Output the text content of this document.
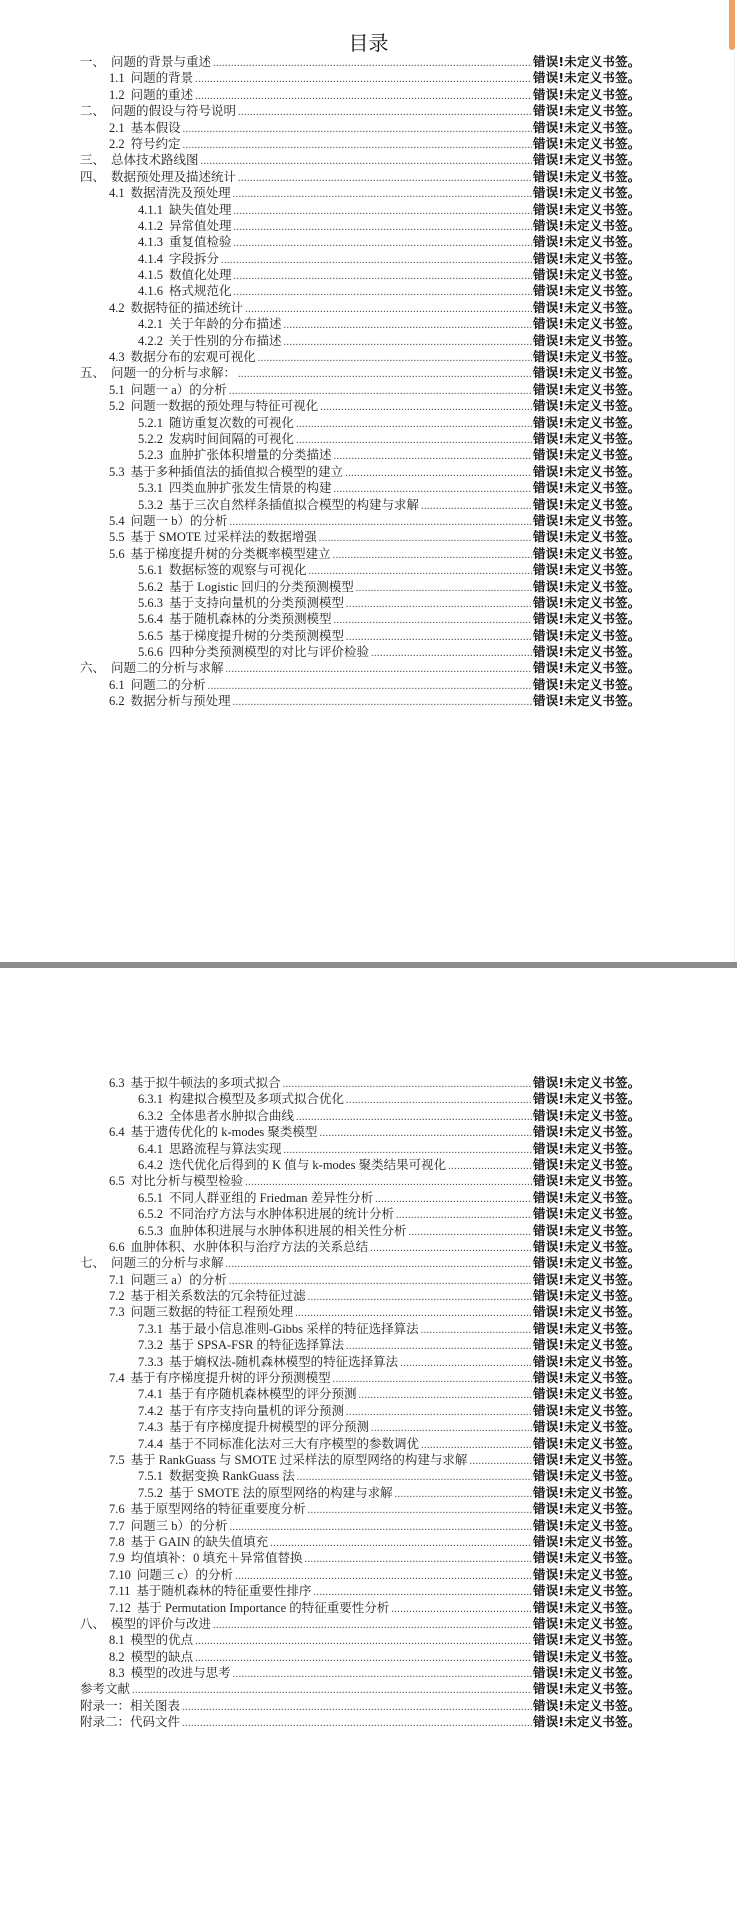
目录
一、 问题的背景与重述 .....	错误!未定义书签。
1.1 问题的背景 .....	错误!未定义书签。
1.2 问题的重述 .....	错误!未定义书签。
二、 问题的假设与符号说明 .....	错误!未定义书签。
2.1 基本假设 .....	错误!未定义书签。
2.2 符号约定 .....	错误!未定义书签。
三、 总体技术路线图 .....	错误!未定义书签。
四、 数据预处理及描述统计 .....	错误!未定义书签。
4.1 数据清洗及预处理 .....	错误!未定义书签。
4.1.1 缺失值处理 .....	错误!未定义书签。
4.1.2 异常值处理 .....	错误!未定义书签。
4.1.3 重复值检验 .....	错误!未定义书签。
4.1.4 字段拆分 .....	错误!未定义书签。
4.1.5 数值化处理 .....	错误!未定义书签。
4.1.6 格式规范化 .....	错误!未定义书签。
4.2 数据特征的描述统计 .....	错误!未定义书签。
4.2.1 关于年龄的分布描述 .....	错误!未定义书签。
4.2.2 关于性别的分布描述 .....	错误!未定义书签。
4.3 数据分布的宏观可视化 .....	错误!未定义书签。
五、 问题一的分析与求解： .....	错误!未定义书签。
5.1 问题一 a）的分析 .....	错误!未定义书签。
5.2 问题一数据的预处理与特征可视化 .....	错误!未定义书签。
5.2.1 随访重复次数的可视化 .....	错误!未定义书签。
5.2.2 发病时间间隔的可视化 .....	错误!未定义书签。
5.2.3 血肿扩张体积增量的分类描述 .....	错误!未定义书签。
5.3 基于多种插值法的插值拟合模型的建立 .....	错误!未定义书签。
5.3.1 四类血肿扩张发生情景的构建 .....	错误!未定义书签。
5.3.2 基于三次自然样条插值拟合模型的构建与求解 .....	错误!未定义书签。
5.4 问题一 b）的分析 .....	错误!未定义书签。
5.5 基于 SMOTE 过采样法的数据增强 .....	错误!未定义书签。
5.6 基于梯度提升树的分类概率模型建立 .....	错误!未定义书签。
5.6.1 数据标签的观察与可视化 .....	错误!未定义书签。
5.6.2 基于 Logistic 回归的分类预测模型 .....	错误!未定义书签。
5.6.3 基于支持向量机的分类预测模型 .....	错误!未定义书签。
5.6.4 基于随机森林的分类预测模型 .....	错误!未定义书签。
5.6.5 基于梯度提升树的分类预测模型 .....	错误!未定义书签。
5.6.6 四种分类预测模型的对比与评价检验 .....	错误!未定义书签。
六、 问题二的分析与求解 .....	错误!未定义书签。
6.1 问题二的分析 .....	错误!未定义书签。
6.2 数据分析与预处理 .....	错误!未定义书签。
6.3 基于拟牛顿法的多项式拟合 .....	错误!未定义书签。
6.3.1 构建拟合模型及多项式拟合优化 .....	错误!未定义书签。
6.3.2 全体患者水肿拟合曲线 .....	错误!未定义书签。
6.4 基于遗传优化的 k-modes 聚类模型 .....	错误!未定义书签。
6.4.1 思路流程与算法实现 .....	错误!未定义书签。
6.4.2 迭代优化后得到的 K 值与 k-modes 聚类结果可视化 .....	错误!未定义书签。
6.5 对比分析与模型检验 .....	错误!未定义书签。
6.5.1 不同人群亚组的 Friedman 差异性分析 .....	错误!未定义书签。
6.5.2 不同治疗方法与水肿体积进展的统计分析 .....	错误!未定义书签。
6.5.3 血肿体积进展与水肿体积进展的相关性分析 .....	错误!未定义书签。
6.6 血肿体积、水肿体积与治疗方法的关系总结 .....	错误!未定义书签。
七、 问题三的分析与求解 .....	错误!未定义书签。
7.1 问题三 a）的分析 .....	错误!未定义书签。
7.2 基于相关系数法的冗余特征过滤 .....	错误!未定义书签。
7.3 问题三数据的特征工程预处理 .....	错误!未定义书签。
7.3.1 基于最小信息准则-Gibbs 采样的特征选择算法 .....	错误!未定义书签。
7.3.2 基于 SPSA-FSR 的特征选择算法 .....	错误!未定义书签。
7.3.3 基于熵权法-随机森林模型的特征选择算法 .....	错误!未定义书签。
7.4 基于有序梯度提升树的评分预测模型 .....	错误!未定义书签。
7.4.1 基于有序随机森林模型的评分预测 .....	错误!未定义书签。
7.4.2 基于有序支持向量机的评分预测 .....	错误!未定义书签。
7.4.3 基于有序梯度提升树模型的评分预测 .....	错误!未定义书签。
7.4.4 基于不同标准化法对三大有序模型的参数调优 .....	错误!未定义书签。
7.5 基于 RankGuass 与 SMOTE 过采样法的原型网络的构建与求解 .....	错误!未定义书签。
7.5.1 数据变换 RankGuass 法 .....	错误!未定义书签。
7.5.2 基于 SMOTE 法的原型网络的构建与求解 .....	错误!未定义书签。
7.6 基于原型网络的特征重要度分析 .....	错误!未定义书签。
7.7 问题三 b）的分析 .....	错误!未定义书签。
7.8 基于 GAIN 的缺失值填充 .....	错误!未定义书签。
7.9 均值填补：0 填充＋异常值替换 .....	错误!未定义书签。
7.10 问题三 c）的分析 .....	错误!未定义书签。
7.11 基于随机森林的特征重要性排序 .....	错误!未定义书签。
7.12 基于 Permutation Importance 的特征重要性分析 .....	错误!未定义书签。
八、 模型的评价与改进 .....	错误!未定义书签。
8.1 模型的优点 .....	错误!未定义书签。
8.2 模型的缺点 .....	错误!未定义书签。
8.3 模型的改进与思考 .....	错误!未定义书签。
参考文献 .....	错误!未定义书签。
附录一：相关图表 .....	错误!未定义书签。
附录二：代码文件 .....	错误!未定义书签。
